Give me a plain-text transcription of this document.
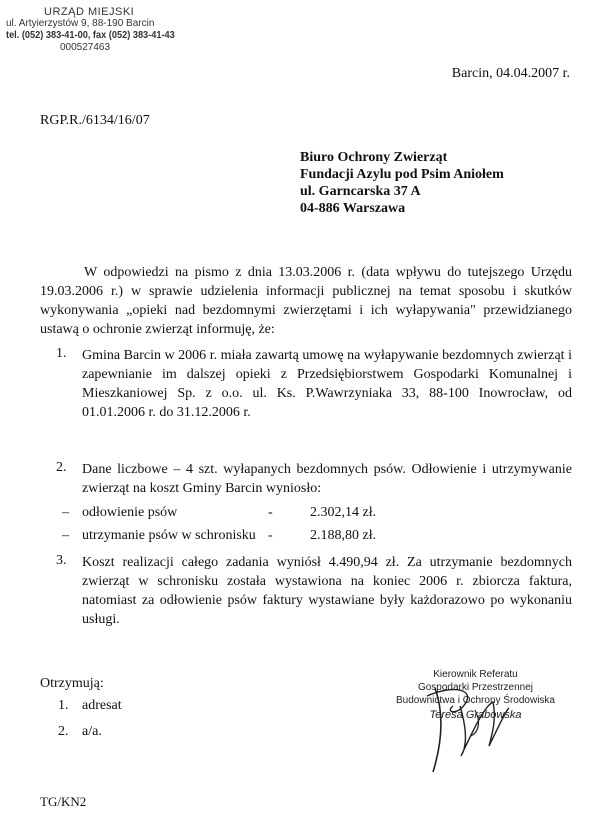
URZĄD MIEJSKI
ul. Artyierzystów 9, 88-190 Barcin
tel. (052) 383-41-00, fax (052) 383-41-43
000527463
Barcin, 04.04.2007 r.
RGP.R./6134/16/07
Biuro Ochrony Zwierząt
Fundacji Azylu pod Psim Aniołem
ul. Garncarska 37 A
04-886 Warszawa
W odpowiedzi na pismo z dnia 13.03.2006 r. (data wpływu do tutejszego Urzędu 19.03.2006 r.) w sprawie udzielenia informacji publicznej na temat sposobu i skutków wykonywania „opieki nad bezdomnymi zwierzętami i ich wyłapywania" przewidzianego ustawą o ochronie zwierząt informuję, że:
1. Gmina Barcin w 2006 r. miała zawartą umowę na wyłapywanie bezdomnych zwierząt i zapewnianie im dalszej opieki z Przedsiębiorstwem Gospodarki Komunalnej i Mieszkaniowej Sp. z o.o. ul. Ks. P.Wawrzyniaka 33, 88-100 Inowrocław, od 01.01.2006 r. do 31.12.2006 r.
2. Dane liczbowe – 4 szt. wyłapanych bezdomnych psów. Odłowienie i utrzymywanie zwierząt na koszt Gminy Barcin wyniosło:
– odłowienie psów	-	2.302,14 zł.
– utrzymanie psów w schronisku -	2.188,80 zł.
3. Koszt realizacji całego zadania wyniósł 4.490,94 zł. Za utrzymanie bezdomnych zwierząt w schronisku została wystawiona na koniec 2006 r. zbiorcza faktura, natomiast za odłowienie psów faktury wystawiane były każdorazowo po wykonaniu usługi.
Otrzymują:
1. adresat
2. a/a.
Kierownik Referatu
Gospodarki Przestrzennej
Budownictwa i Ochrony Środowiska
Teresa Grabowska
TG/KN2
